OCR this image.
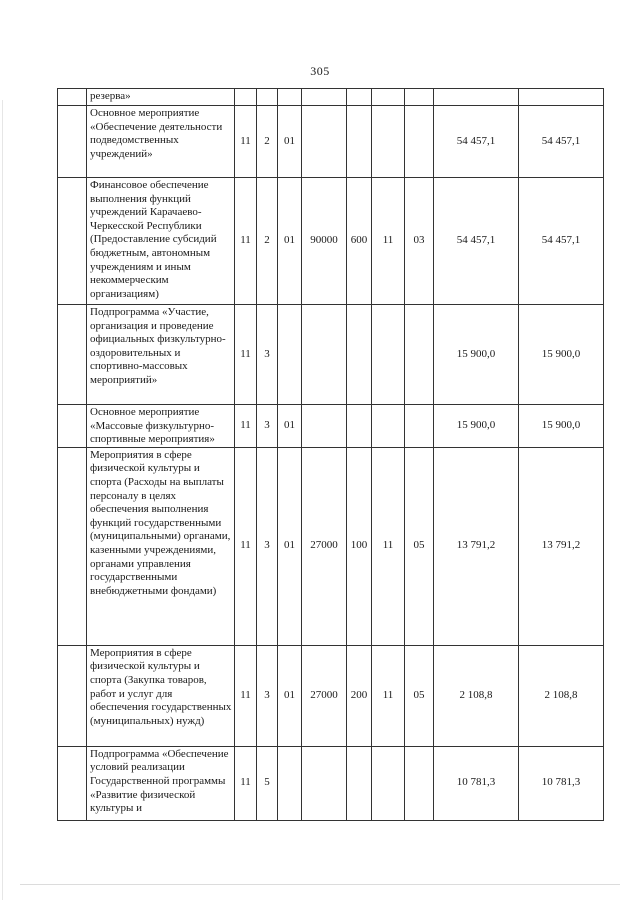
305
	резерва»									
	Основное мероприятие «Обеспечение деятельности подведомственных учреждений»	11	2	01					54 457,1	54 457,1
	Финансовое обеспечение выполнения функций учреждений Карачаево-Черкесской Республики (Предоставление субсидий бюджетным, автономным учреждениям и иным некоммерческим организациям)	11	2	01	90000	600	11	03	54 457,1	54 457,1
	Подпрограмма «Участие, организация и проведение официальных физкультурно-оздоровительных и спортивно-массовых мероприятий»	11	3						15 900,0	15 900,0
	Основное мероприятие «Массовые физкультурно-спортивные мероприятия»	11	3	01					15 900,0	15 900,0
	Мероприятия в сфере физической культуры и спорта (Расходы на выплаты персоналу в целях обеспечения выполнения функций государственными (муниципальными) органами, казенными учреждениями, органами управления государственными внебюджетными фондами)	11	3	01	27000	100	11	05	13 791,2	13 791,2
	Мероприятия в сфере физической культуры и спорта (Закупка товаров, работ и услуг для обеспечения государственных (муниципальных) нужд)	11	3	01	27000	200	11	05	2 108,8	2 108,8
	Подпрограмма «Обеспечение условий реализации Государственной программы «Развитие физической культуры и	11	5						10 781,3	10 781,3
